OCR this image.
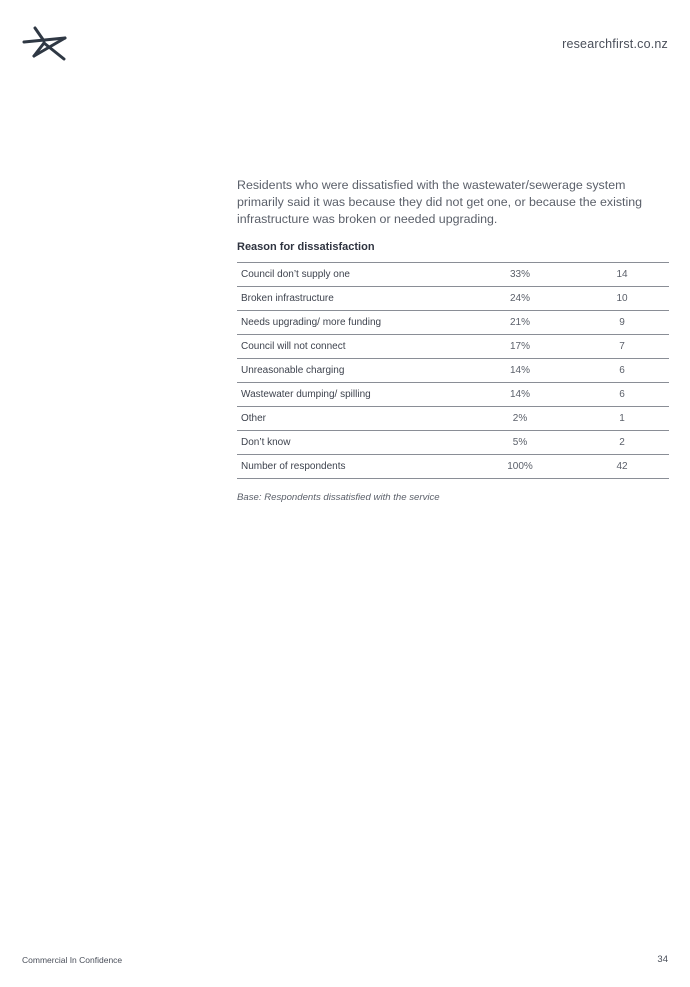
researchfirst.co.nz

Residents who were dissatisfied with the wastewater/sewerage system primarily said it was because they did not get one, or because the existing infrastructure was broken or needed upgrading.

Reason for dissatisfaction
Council don’t supply one	33%	14
Broken infrastructure	24%	10
Needs upgrading/ more funding	21%	9
Council will not connect	17%	7
Unreasonable charging	14%	6
Wastewater dumping/ spilling	14%	6
Other	2%	1
Don’t know	5%	2
Number of respondents	100%	42
Base: Respondents dissatisfied with the service
Commercial In Confidence	34
